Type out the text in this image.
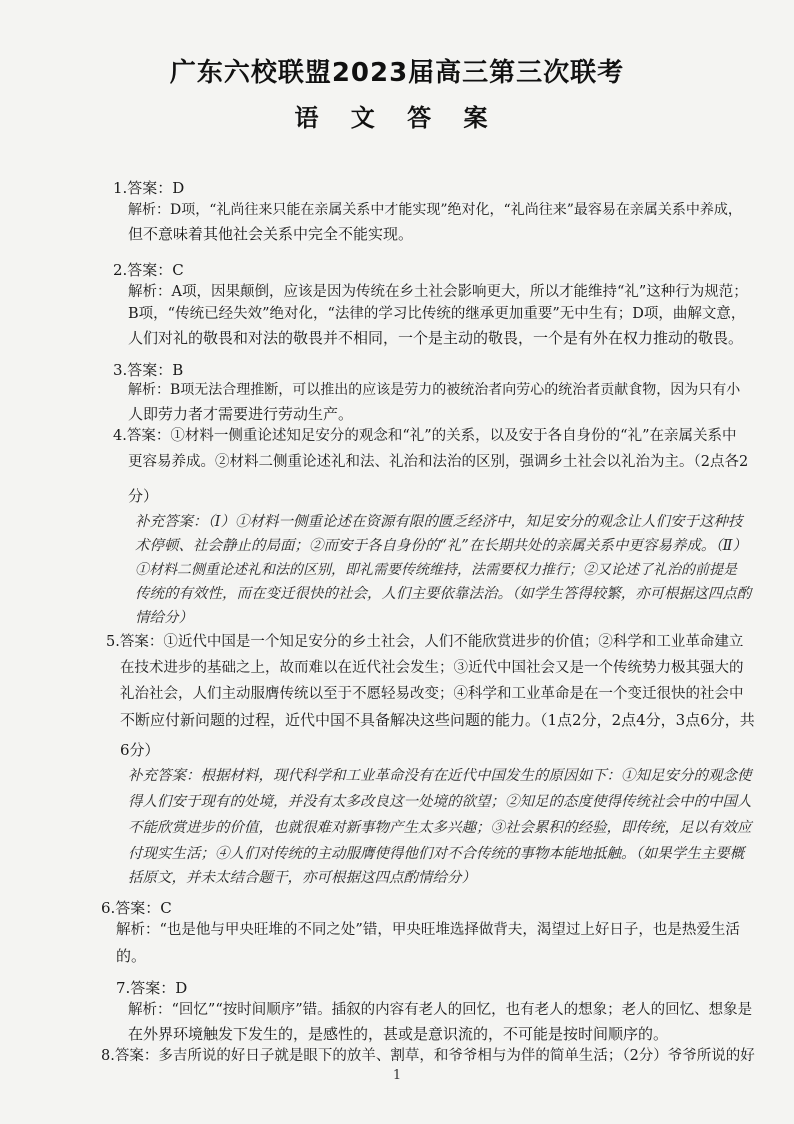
广东六校联盟2023届高三第三次联考
语 文 答 案
1.答案：D
解析：D项，“礼尚往来只能在亲属关系中才能实现”绝对化，“礼尚往来”最容易在亲属关系中养成，
但不意味着其他社会关系中完全不能实现。
2.答案：C
解析：A项，因果颠倒，应该是因为传统在乡土社会影响更大，所以才能维持“礼”这种行为规范；
B项，“传统已经失效”绝对化，“法律的学习比传统的继承更加重要”无中生有；D项，曲解文意，
人们对礼的敬畏和对法的敬畏并不相同，一个是主动的敬畏，一个是有外在权力推动的敬畏。
3.答案：B
解析：B项无法合理推断，可以推出的应该是劳力的被统治者向劳心的统治者贡献食物，因为只有小
人即劳力者才需要进行劳动生产。
4.答案：①材料一侧重论述知足安分的观念和“礼”的关系，以及安于各自身份的“礼”在亲属关系中
更容易养成。②材料二侧重论述礼和法、礼治和法治的区别，强调乡土社会以礼治为主。（2点各2
分）
补充答案：（Ⅰ）①材料一侧重论述在资源有限的匮乏经济中，知足安分的观念让人们安于这种技
术停顿、社会静止的局面；②而安于各自身份的“礼”在长期共处的亲属关系中更容易养成。（Ⅱ）
①材料二侧重论述礼和法的区别，即礼需要传统维持，法需要权力推行；②又论述了礼治的前提是
传统的有效性，而在变迁很快的社会，人们主要依靠法治。（如学生答得较繁，亦可根据这四点酌
情给分）
5.答案：①近代中国是一个知足安分的乡土社会，人们不能欣赏进步的价值；②科学和工业革命建立
在技术进步的基础之上，故而难以在近代社会发生；③近代中国社会又是一个传统势力极其强大的
礼治社会，人们主动服膺传统以至于不愿轻易改变；④科学和工业革命是在一个变迁很快的社会中
不断应付新问题的过程，近代中国不具备解决这些问题的能力。（1点2分，2点4分，3点6分，共
6分）
补充答案：根据材料，现代科学和工业革命没有在近代中国发生的原因如下：①知足安分的观念使
得人们安于现有的处境，并没有太多改良这一处境的欲望；②知足的态度使得传统社会中的中国人
不能欣赏进步的价值，也就很难对新事物产生太多兴趣；③社会累积的经验，即传统，足以有效应
付现实生活；④人们对传统的主动服膺使得他们对不合传统的事物本能地抵触。（如果学生主要概
括原文，并未太结合题干，亦可根据这四点酌情给分）
6.答案：C
解析：“也是他与甲央旺堆的不同之处”错，甲央旺堆选择做背夫，渴望过上好日子，也是热爱生活
的。
7.答案：D
解析：“回忆”“按时间顺序”错。插叙的内容有老人的回忆，也有老人的想象；老人的回忆、想象是
在外界环境触发下发生的，是感性的，甚或是意识流的，不可能是按时间顺序的。
8.答案：多吉所说的好日子就是眼下的放羊、割草，和爷爷相与为伴的简单生活；（2分）爷爷所说的好
1
